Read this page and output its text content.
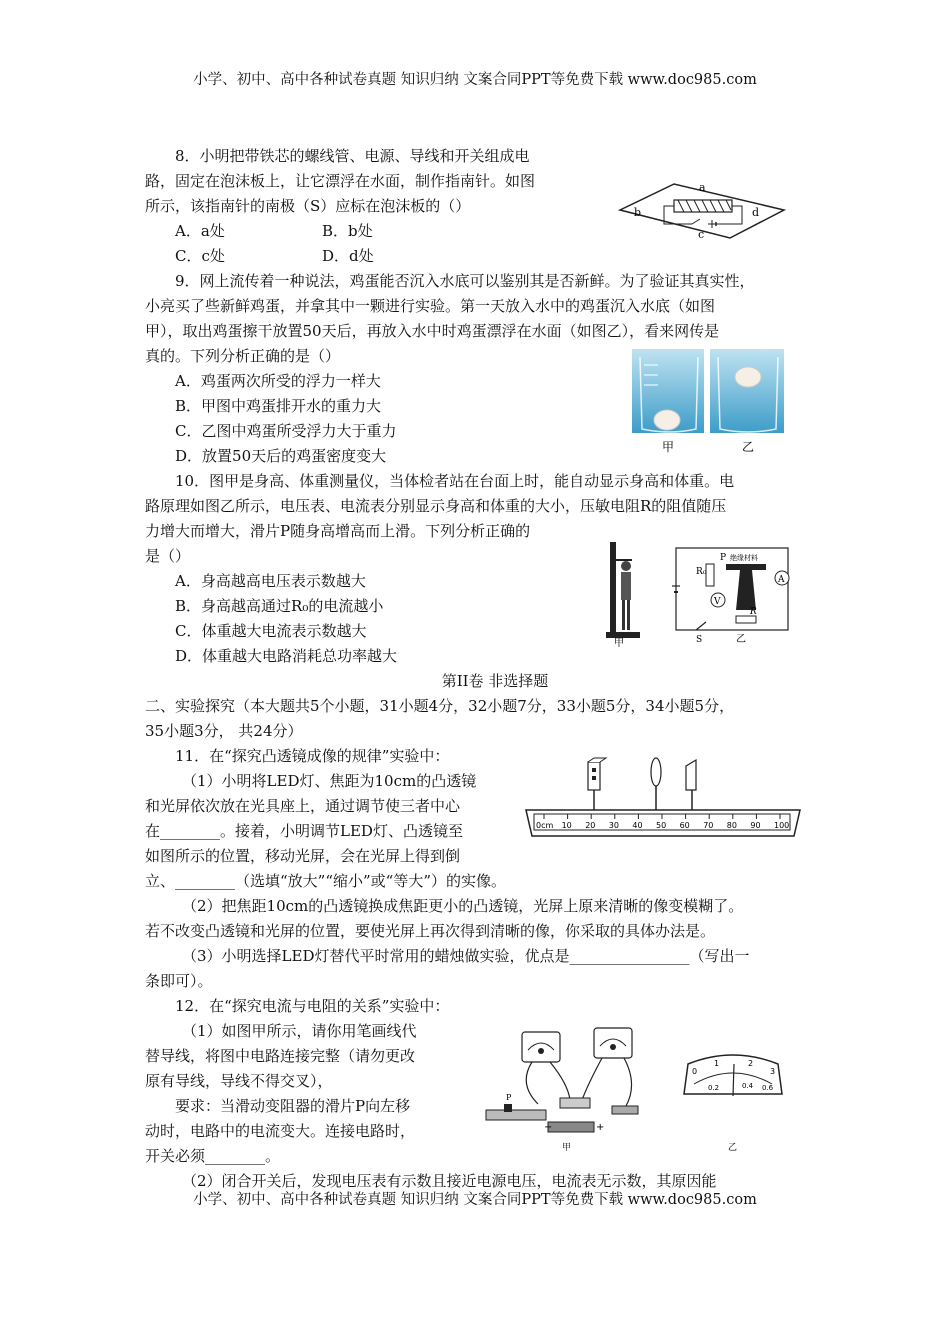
小学、初中、高中各种试卷真题 知识归纳 文案合同PPT等免费下载 www.doc985.com
8．小明把带铁芯的螺线管、电源、导线和开关组成电
路，固定在泡沫板上，让它漂浮在水面，制作指南针。如图
所示，该指南针的南极（S）应标在泡沫板的（）
A．a处	B．b处
C．c处	D．d处
a
b
c
d
9．网上流传着一种说法，鸡蛋能否沉入水底可以鉴别其是否新鲜。为了验证其真实性，
小亮买了些新鲜鸡蛋，并拿其中一颗进行实验。第一天放入水中的鸡蛋沉入水底（如图
甲），取出鸡蛋擦干放置50天后，再放入水中时鸡蛋漂浮在水面（如图乙），看来网传是
真的。下列分析正确的是（）
A．鸡蛋两次所受的浮力一样大
B．甲图中鸡蛋排开水的重力大
C．乙图中鸡蛋所受浮力大于重力
D．放置50天后的鸡蛋密度变大	甲	乙
10．图甲是身高、体重测量仪，当体检者站在台面上时，能自动显示身高和体重。电
路原理如图乙所示，电压表、电流表分别显示身高和体重的大小，压敏电阻R的阻值随压
力增大而增大，滑片P随身高增高而上滑。下列分析正确的
是（）
A．身高越高电压表示数越大
B．身高越高通过R₀的电流越小
C．体重越大电流表示数越大
D．体重越大电路消耗总功率越大
甲
R₀
P 绝缘材料
V
A
S
R
乙
第II卷 非选择题
二、实验探究（本大题共5个小题，31小题4分，32小题7分，33小题5分，34小题5分，
35小题3分， 共24分）
11．在“探究凸透镜成像的规律”实验中：
（1）小明将LED灯、焦距为10cm的凸透镜
和光屏依次放在光具座上，通过调节使三者中心
在________。接着，小明调节LED灯、凸透镜至
如图所示的位置，移动光屏，会在光屏上得到倒
立、________（选填“放大”“缩小”或“等大”）的实像。
（2）把焦距10cm的凸透镜换成焦距更小的凸透镜，光屏上原来清晰的像变模糊了。
若不改变凸透镜和光屏的位置，要使光屏上再次得到清晰的像，你采取的具体办法是。
（3）小明选择LED灯替代平时常用的蜡烛做实验，优点是________________（写出一
条即可）。
0cm 10 20 30 40 50 60 70 80 90 100
12．在“探究电流与电阻的关系”实验中：
（1）如图甲所示，请你用笔画线代
替导线，将图中电路连接完整（请勿更改
原有导线，导线不得交叉），
要求：当滑动变阻器的滑片P向左移
动时，电路中的电流变大。连接电路时，
开关必须________。
（2）闭合开关后，发现电压表有示数且接近电源电压，电流表无示数，其原因能
P
−	+
甲
0
1	2
3
0.2	0.4 0.6
乙
小学、初中、高中各种试卷真题 知识归纳 文案合同PPT等免费下载 www.doc985.com
